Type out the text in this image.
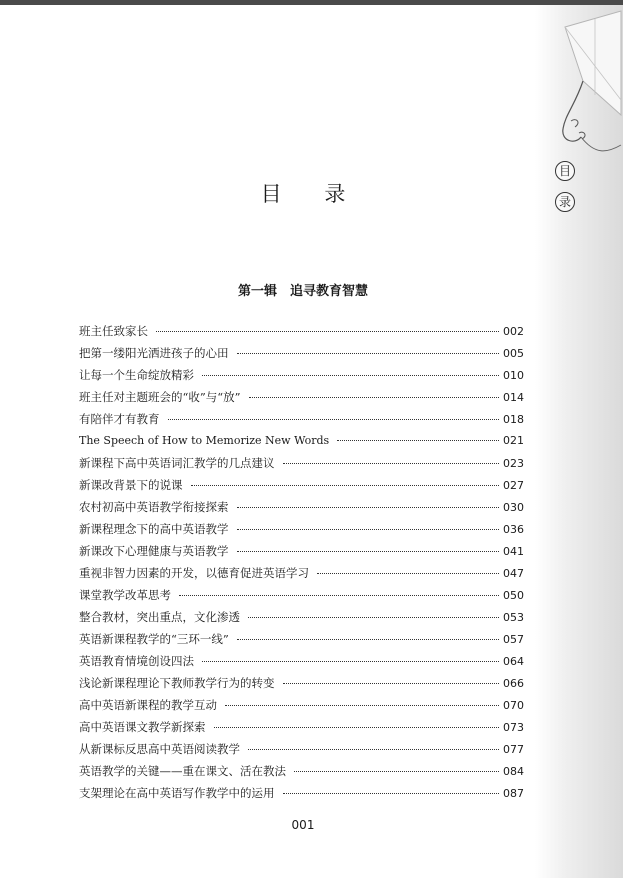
目
录
目 录
第一辑　追寻教育智慧
班主任致家长	002
把第一缕阳光洒进孩子的心田	005
让每一个生命绽放精彩	010
班主任对主题班会的“收”与“放”	014
有陪伴才有教育	018
The Speech of How to Memorize New Words	021
新课程下高中英语词汇教学的几点建议	023
新课改背景下的说课	027
农村初高中英语教学衔接探索	030
新课程理念下的高中英语教学	036
新课改下心理健康与英语教学	041
重视非智力因素的开发，以德育促进英语学习	047
课堂教学改革思考	050
整合教材，突出重点，文化渗透	053
英语新课程教学的“三环一线”	057
英语教育情境创设四法	064
浅论新课程理论下教师教学行为的转变	066
高中英语新课程的教学互动	070
高中英语课文教学新探索	073
从新课标反思高中英语阅读教学	077
英语教学的关键——重在课文、活在教法	084
支架理论在高中英语写作教学中的运用	087
001
